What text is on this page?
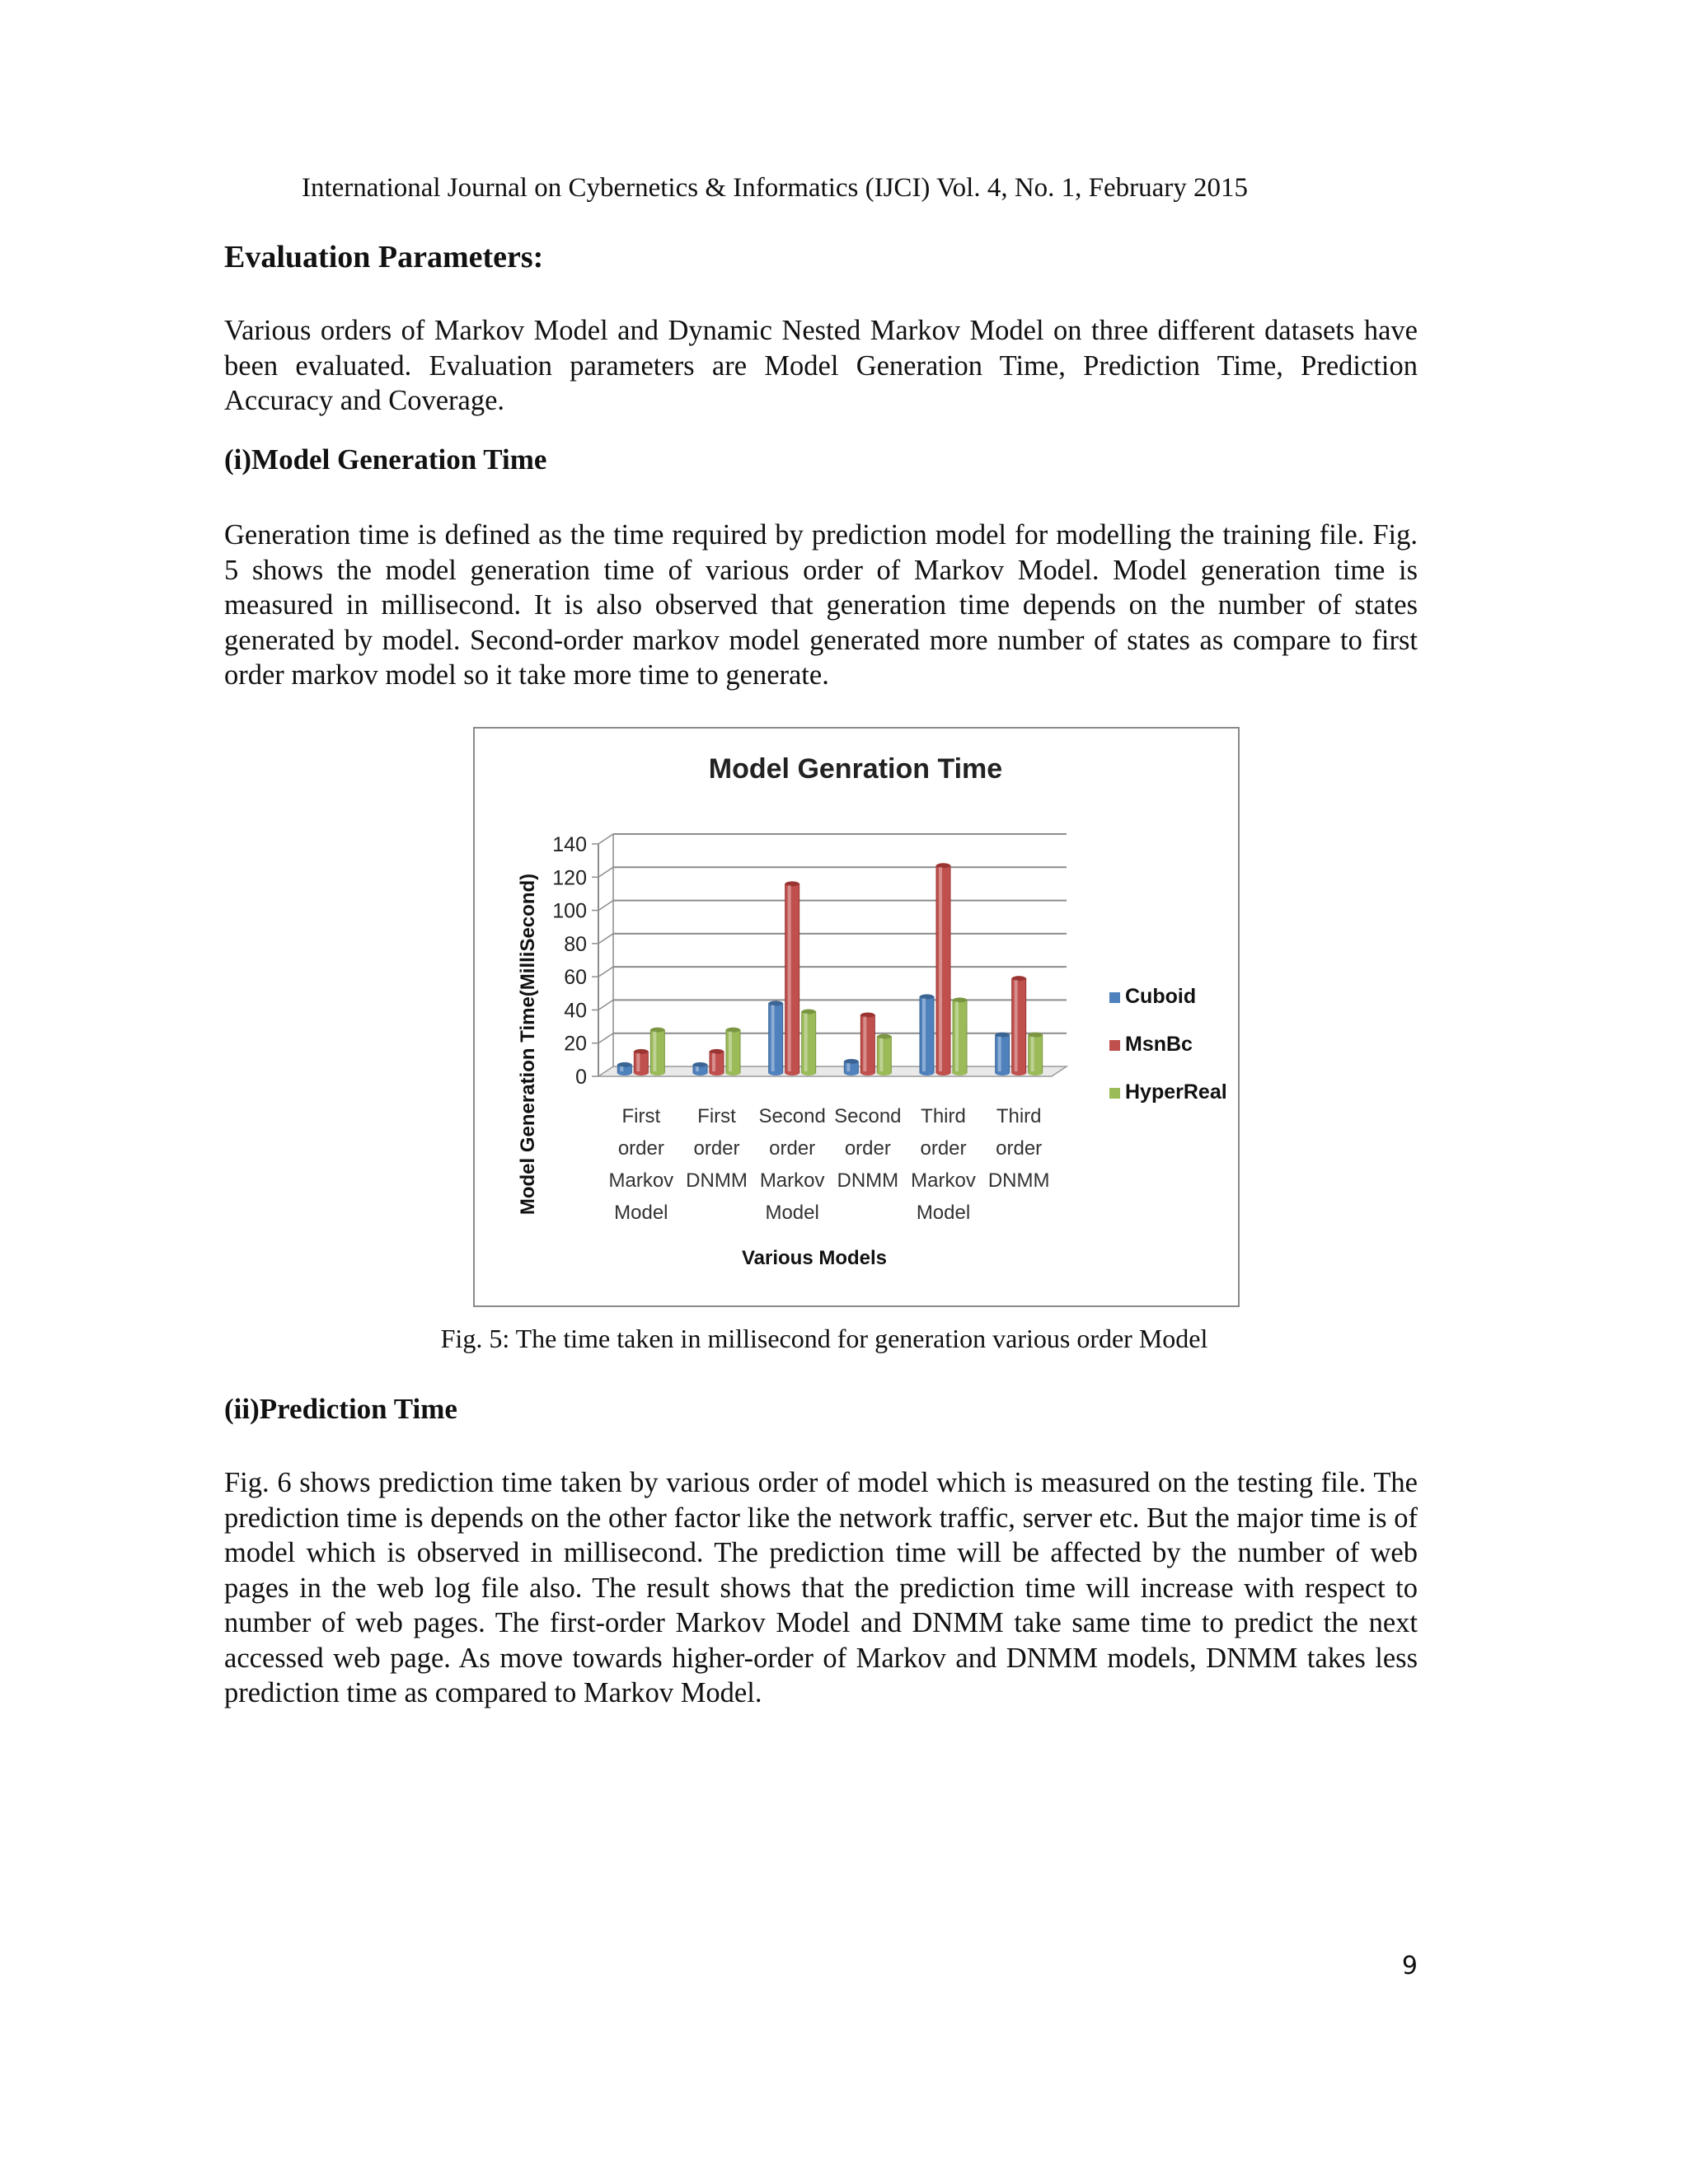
International Journal on Cybernetics & Informatics (IJCI) Vol. 4, No. 1, February 2015
Evaluation Parameters:

Various orders of Markov Model and Dynamic Nested Markov Model on three different datasets have been evaluated. Evaluation parameters are Model Generation Time, Prediction Time, Prediction Accuracy and Coverage.

(i)Model Generation Time

Generation time is defined as the time required by prediction model for modelling the training file. Fig. 5 shows the model generation time of various order of Markov Model. Model generation time is measured in millisecond. It is also observed that generation time depends on the number of states generated by model. Second-order markov model generated more number of states as compare to first order markov model so it take more time to generate.

Model Genration Time
Model Generation Time(MilliSecond)
Various Models
0
20
40
60
80
100
120
140
First order Markov Model
First order DNMM
Second order Markov Model
Second order DNMM
Third order Markov Model
Third order DNMM
Cuboid
MsnBc
HyperReal
Fig. 5: The time taken in millisecond for generation various order Model
(ii)Prediction Time

Fig. 6 shows prediction time taken by various order of model which is measured on the testing file. The prediction time is depends on the other factor like the network traffic, server etc. But the major time is of model which is observed in millisecond. The prediction time will be affected by the number of web pages in the web log file also. The result shows that the prediction time will increase with respect to number of web pages. The first-order Markov Model and DNMM take same time to predict the next accessed web page. As move towards higher-order of Markov and DNMM models, DNMM takes less prediction time as compared to Markov Model.

9
